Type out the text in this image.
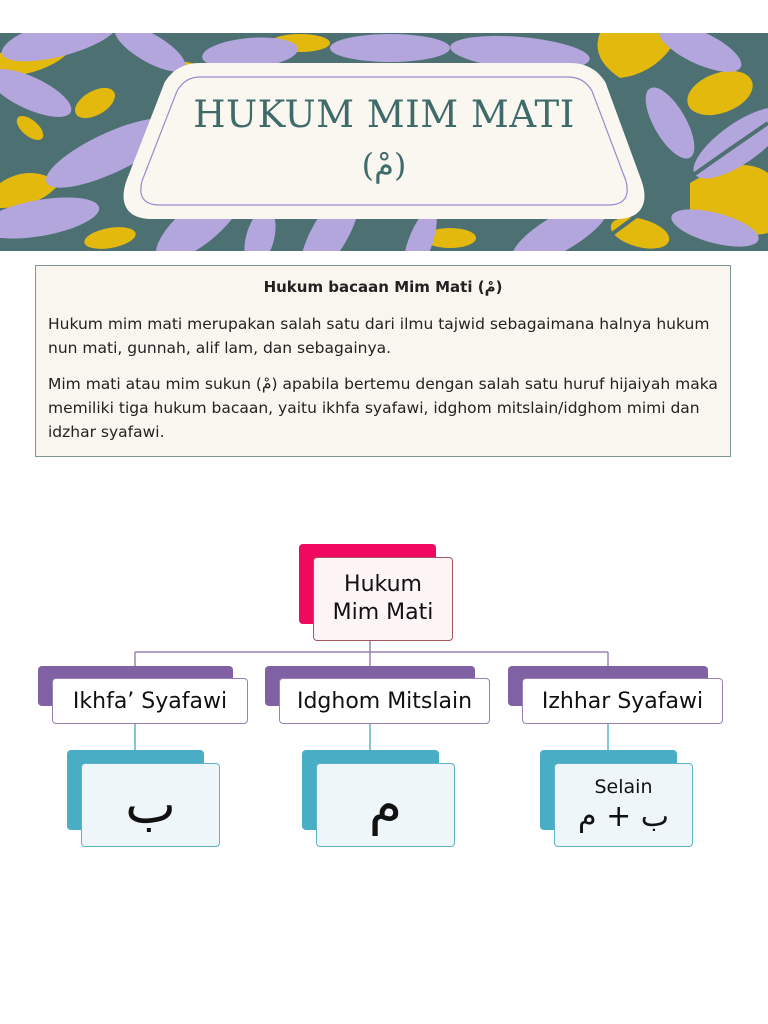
HUKUM MIM MATI
(مْ)
Hukum bacaan Mim Mati (مْ)

Hukum mim mati merupakan salah satu dari ilmu tajwid sebagaimana halnya hukum nun mati, gunnah, alif lam, dan sebagainya.

Mim mati atau mim sukun (مْ) apabila bertemu dengan salah satu huruf hijaiyah maka memiliki tiga hukum bacaan, yaitu ikhfa syafawi, idghom mitslain/idghom mimi dan idzhar syafawi.

Hukum
Mim Mati
Ikhfa’ Syafawi	Idghom Mitslain	Izhhar Syafawi
ب	م	Selain
ب + م
